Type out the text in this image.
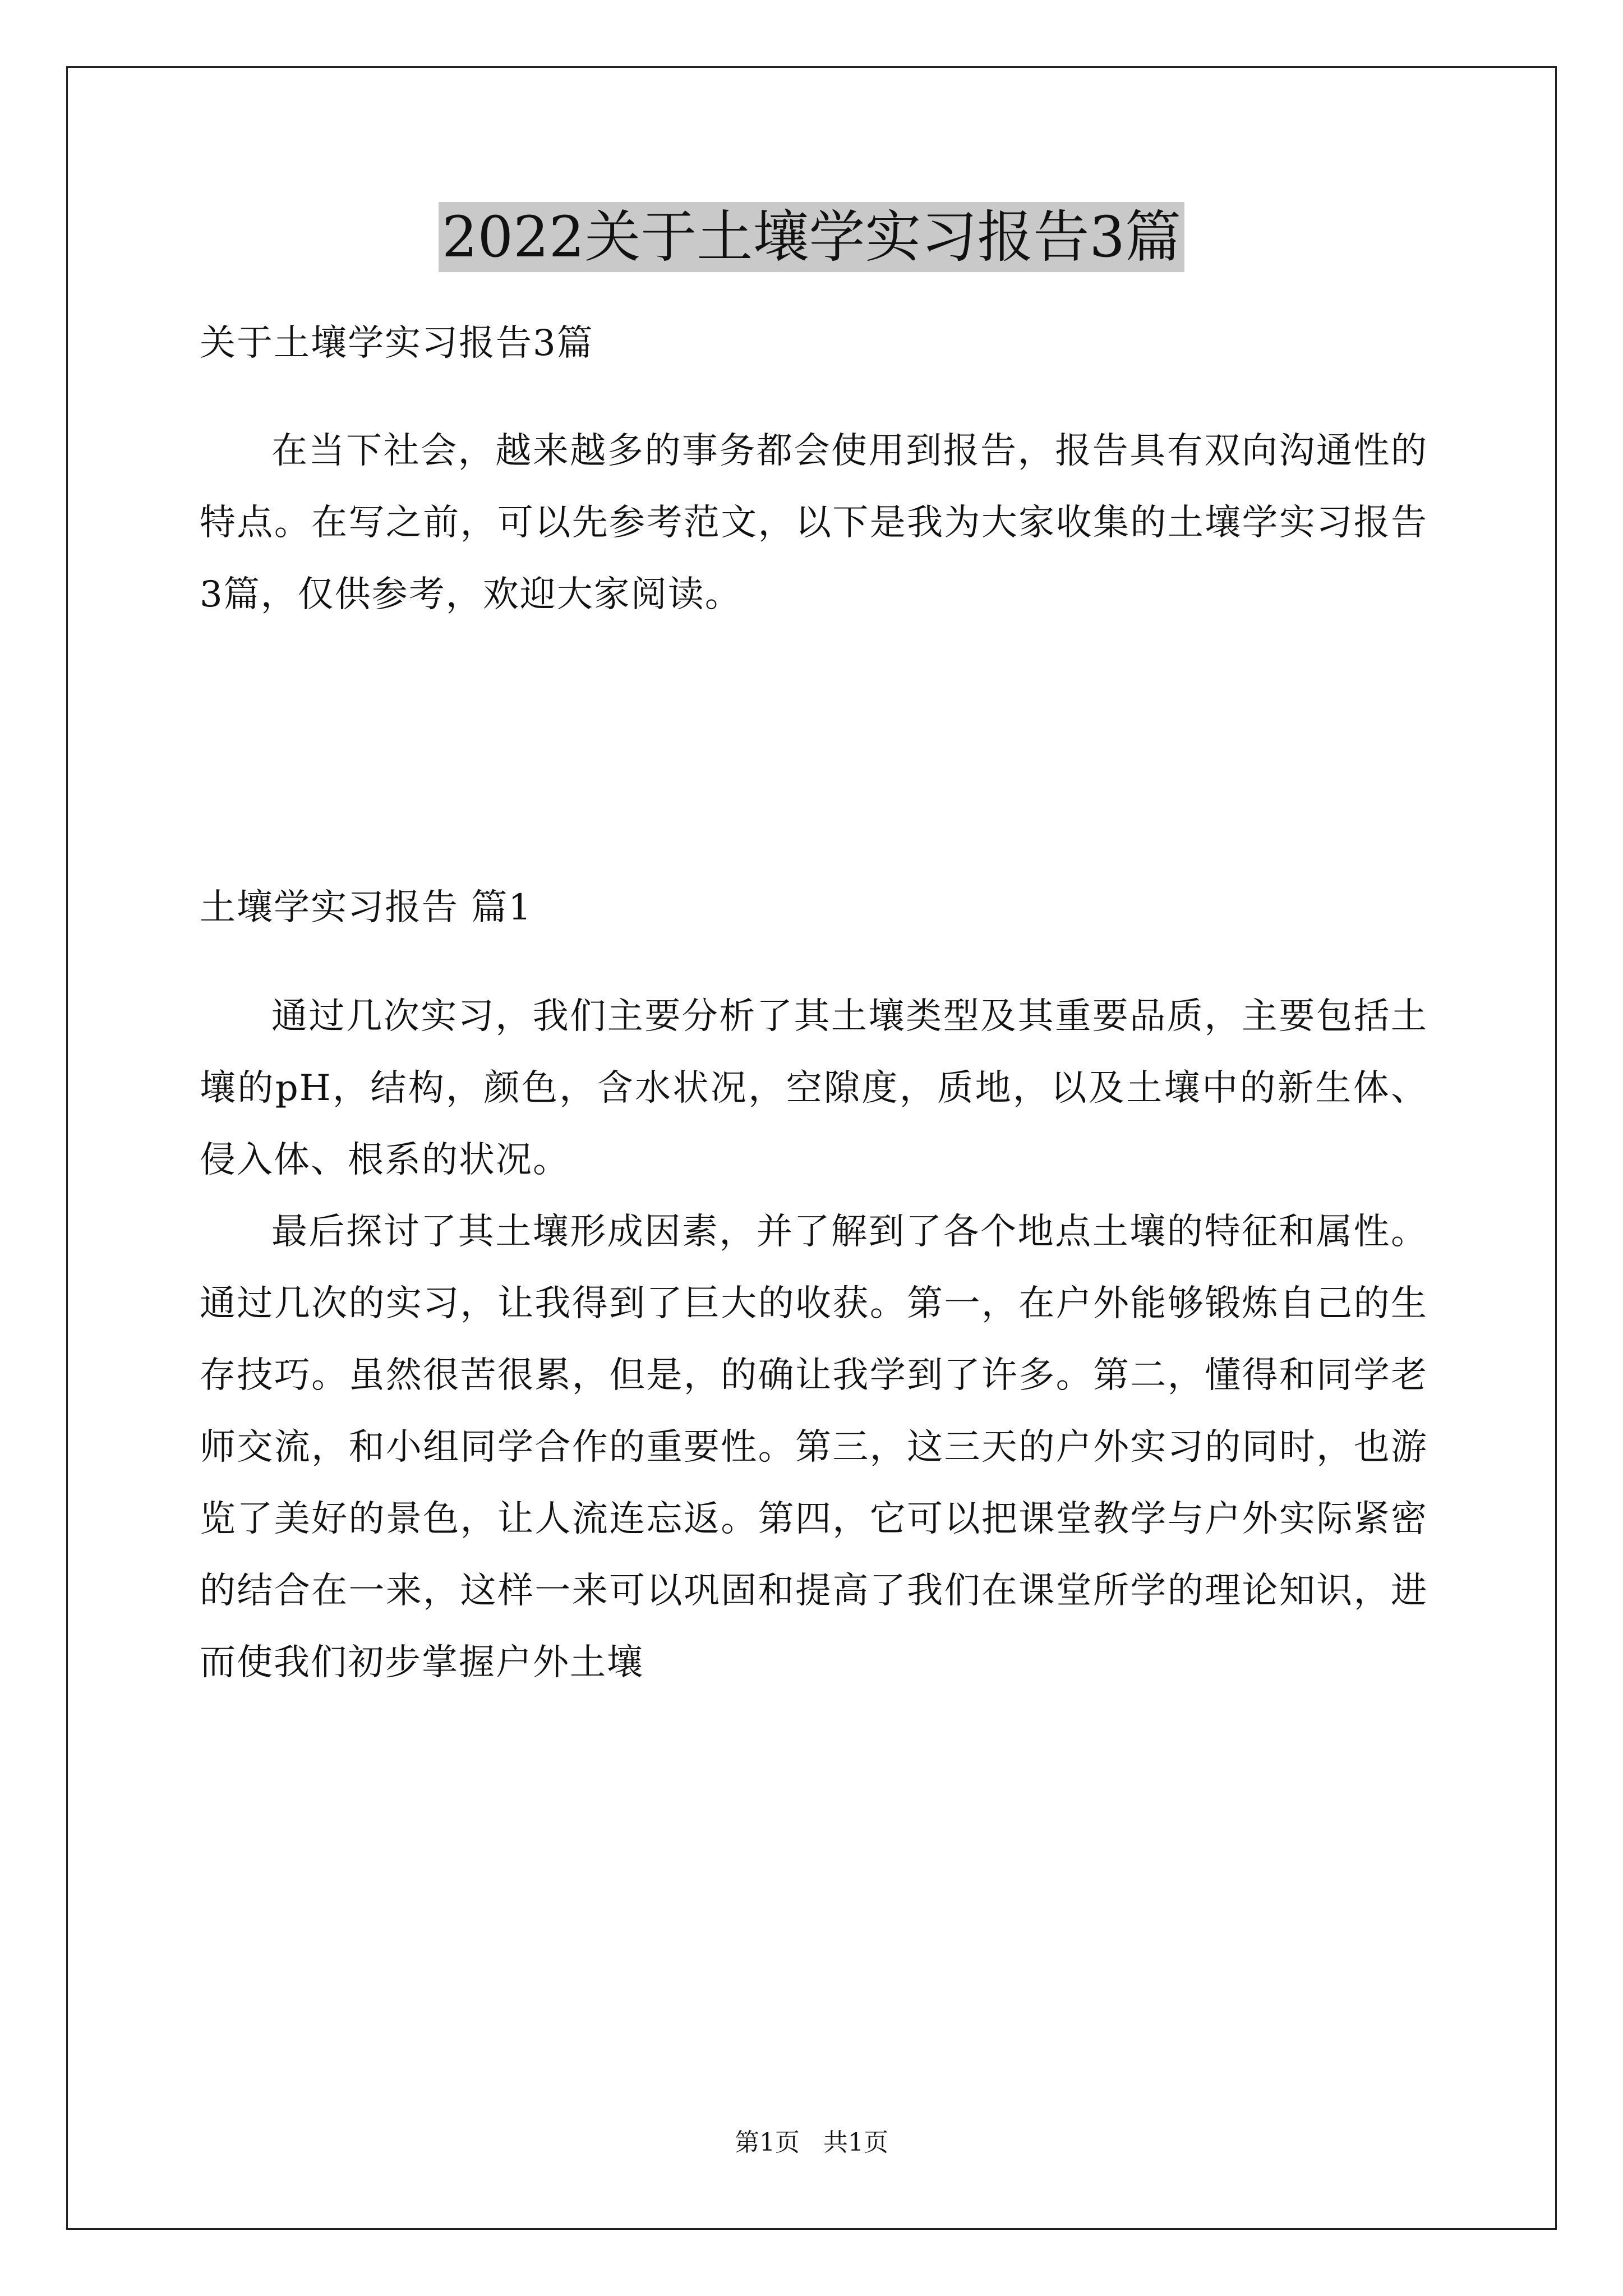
2022关于土壤学实习报告3篇

关于土壤学实习报告3篇

在当下社会，越来越多的事务都会使用到报告，报告具有双向沟通性的特点。在写之前，可以先参考范文，以下是我为大家收集的土壤学实习报告3篇，仅供参考，欢迎大家阅读。

土壤学实习报告 篇1

通过几次实习，我们主要分析了其土壤类型及其重要品质，主要包括土壤的pH，结构，颜色，含水状况，空隙度，质地，以及土壤中的新生体、侵入体、根系的状况。

最后探讨了其土壤形成因素，并了解到了各个地点土壤的特征和属性。 通过几次的实习，让我得到了巨大的收获。第一，在户外能够锻炼自己的生存技巧。虽然很苦很累，但是，的确让我学到了许多。第二，懂得和同学老师交流，和小组同学合作的重要性。第三，这三天的户外实习的同时，也游览了美好的景色，让人流连忘返。第四，它可以把课堂教学与户外实际紧密的结合在一来，这样一来可以巩固和提高了我们在课堂所学的理论知识，进而使我们初步掌握户外土壤

第1页   共1页
